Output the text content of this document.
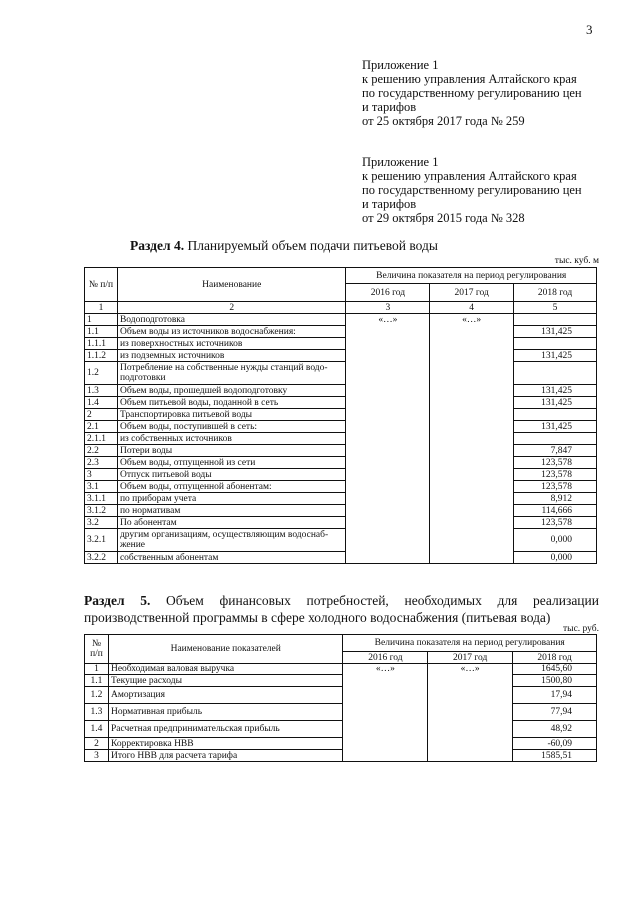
3
Приложение 1
к решению управления Алтайского края
по государственному регулированию цен
и тарифов
от 25 октября 2017 года № 259
Приложение 1
к решению управления Алтайского края
по государственному регулированию цен
и тарифов
от 29 октября 2015 года № 328
Раздел 4. Планируемый объем подачи питьевой воды
тыс. куб. м
№ п/п	Наименование	Величина показателя на период регулирования		
		2016 год	2017 год	2018 год
1	2	3	4	5
1	Водоподготовка	«…»	«…»	
1.1	Объем воды из источников водоснабжения:			131,425
1.1.1	из поверхностных источников			
1.1.2	из подземных источников			131,425
1.2	Потребление на собственные нужды станций водо-подготовки			
1.3	Объем воды, прошедшей водоподготовку			131,425
1.4	Объем питьевой воды, поданной в сеть			131,425
2	Транспортировка питьевой воды			
2.1	Объем воды, поступившей в сеть:			131,425
2.1.1	из собственных источников			
2.2	Потери воды			7,847
2.3	Объем воды, отпущенной из сети			123,578
3	Отпуск питьевой воды			123,578
3.1	Объем воды, отпущенной абонентам:			123,578
3.1.1	по приборам учета			8,912
3.1.2	по нормативам			114,666
3.2	По абонентам			123,578
3.2.1	другим организациям, осуществляющим водоснаб-жение			0,000
3.2.2	собственным абонентам			0,000
Раздел 5. Объем финансовых потребностей, необходимых для реализации производственной программы в сфере холодного водоснабжения (питьевая вода)
тыс. руб.
№ п/п	Наименование показателей	Величина показателя на период регулирования		
		2016 год	2017 год	2018 год
1	Необходимая валовая выручка	«…»	«…»	1645,60
1.1	Текущие расходы			1500,80
1.2	Амортизация			17,94
1.3	Нормативная прибыль			77,94
1.4	Расчетная предпринимательская прибыль			48,92
2	Корректировка НВВ			-60,09
3	Итого НВВ для расчета тарифа			1585,51
